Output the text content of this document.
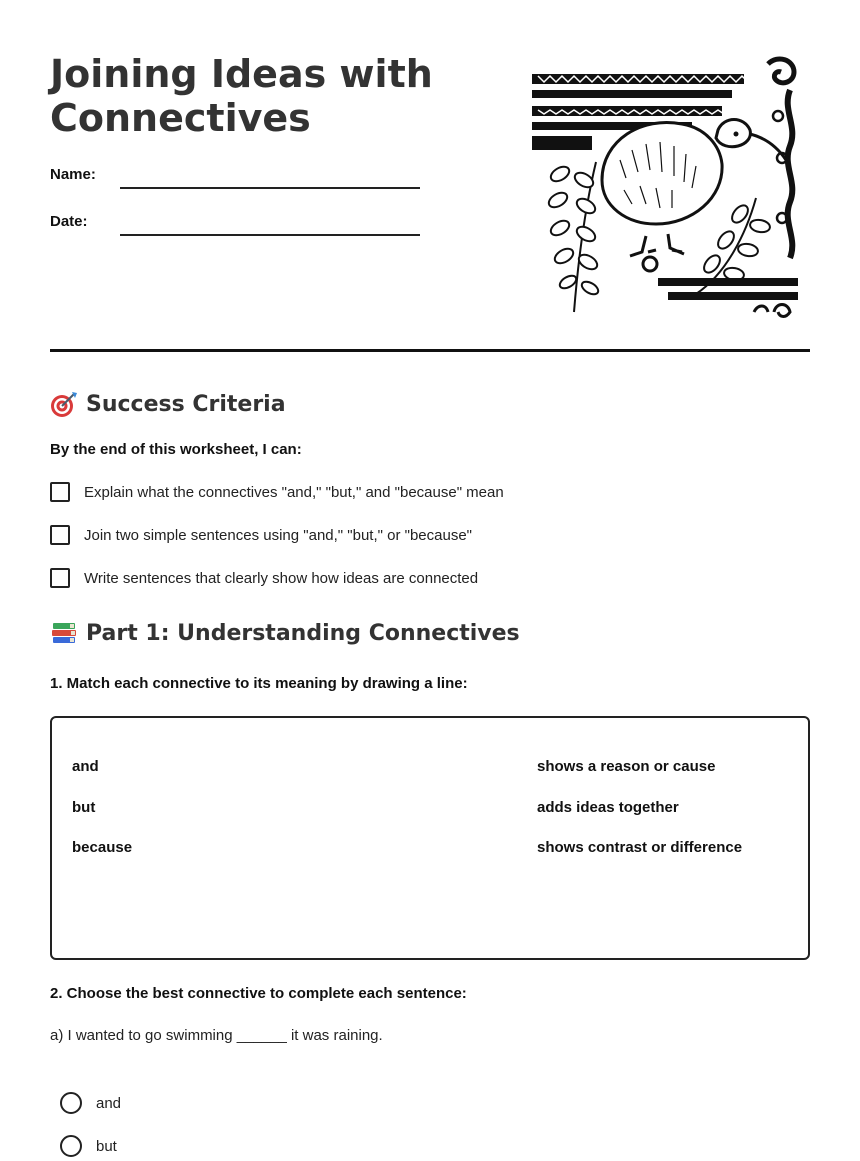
Joining Ideas with
Connectives
Name:
Date:
Success Criteria

By the end of this worksheet, I can:

Explain what the connectives "and," "but," and "because" mean
Join two simple sentences using "and," "but," or "because"
Write sentences that clearly show how ideas are connected
Part 1: Understanding Connectives

1. Match each connective to its meaning by drawing a line:

and
but
because
shows a reason or cause
adds ideas together
shows contrast or difference

2. Choose the best connective to complete each sentence:

a) I wanted to go swimming ______ it was raining.
and
but
